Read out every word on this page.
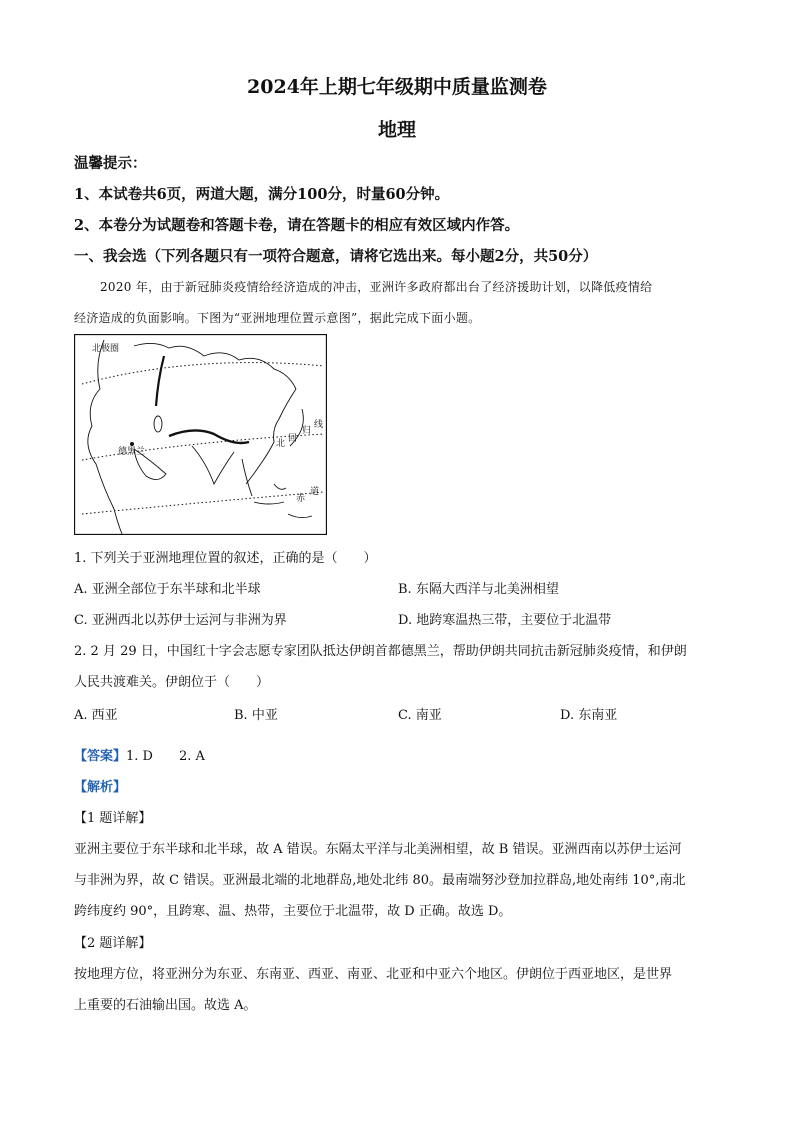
2024年上期七年级期中质量监测卷
地理
温馨提示：
1、本试卷共6页，两道大题，满分100分，时量60分钟。
2、本卷分为试题卷和答题卡卷，请在答题卡的相应有效区域内作答。
一、我会选（下列各题只有一项符合题意，请将它选出来。每小题2分，共50分）
2020 年，由于新冠肺炎疫情给经济造成的冲击，亚洲许多政府都出台了经济援助计划，以降低疫情给
经济造成的负面影响。下图为“亚洲地理位置示意图”，据此完成下面小题。
北极圈
德黑兰
北 回
归
线
赤
道
1. 下列关于亚洲地理位置的叙述，正确的是（　　）
A. 亚洲全部位于东半球和北半球	B. 东隔大西洋与北美洲相望
C. 亚洲西北以苏伊士运河与非洲为界	D. 地跨寒温热三带，主要位于北温带
2. 2 月 29 日，中国红十字会志愿专家团队抵达伊朗首都德黑兰，帮助伊朗共同抗击新冠肺炎疫情，和伊朗
人民共渡难关。伊朗位于（　　）
A. 西亚	B. 中亚	C. 南亚	D. 东南亚
【答案】1. D　　2. A
【解析】
【1 题详解】
亚洲主要位于东半球和北半球，故 A 错误。东隔太平洋与北美洲相望，故 B 错误。亚洲西南以苏伊士运河
与非洲为界，故 C 错误。亚洲最北端的北地群岛,地处北纬 80。最南端努沙登加拉群岛,地处南纬 10°,南北
跨纬度约 90°，且跨寒、温、热带，主要位于北温带，故 D 正确。故选 D。
【2 题详解】
按地理方位，将亚洲分为东亚、东南亚、西亚、南亚、北亚和中亚六个地区。伊朗位于西亚地区，是世界
上重要的石油输出国。故选 A。
